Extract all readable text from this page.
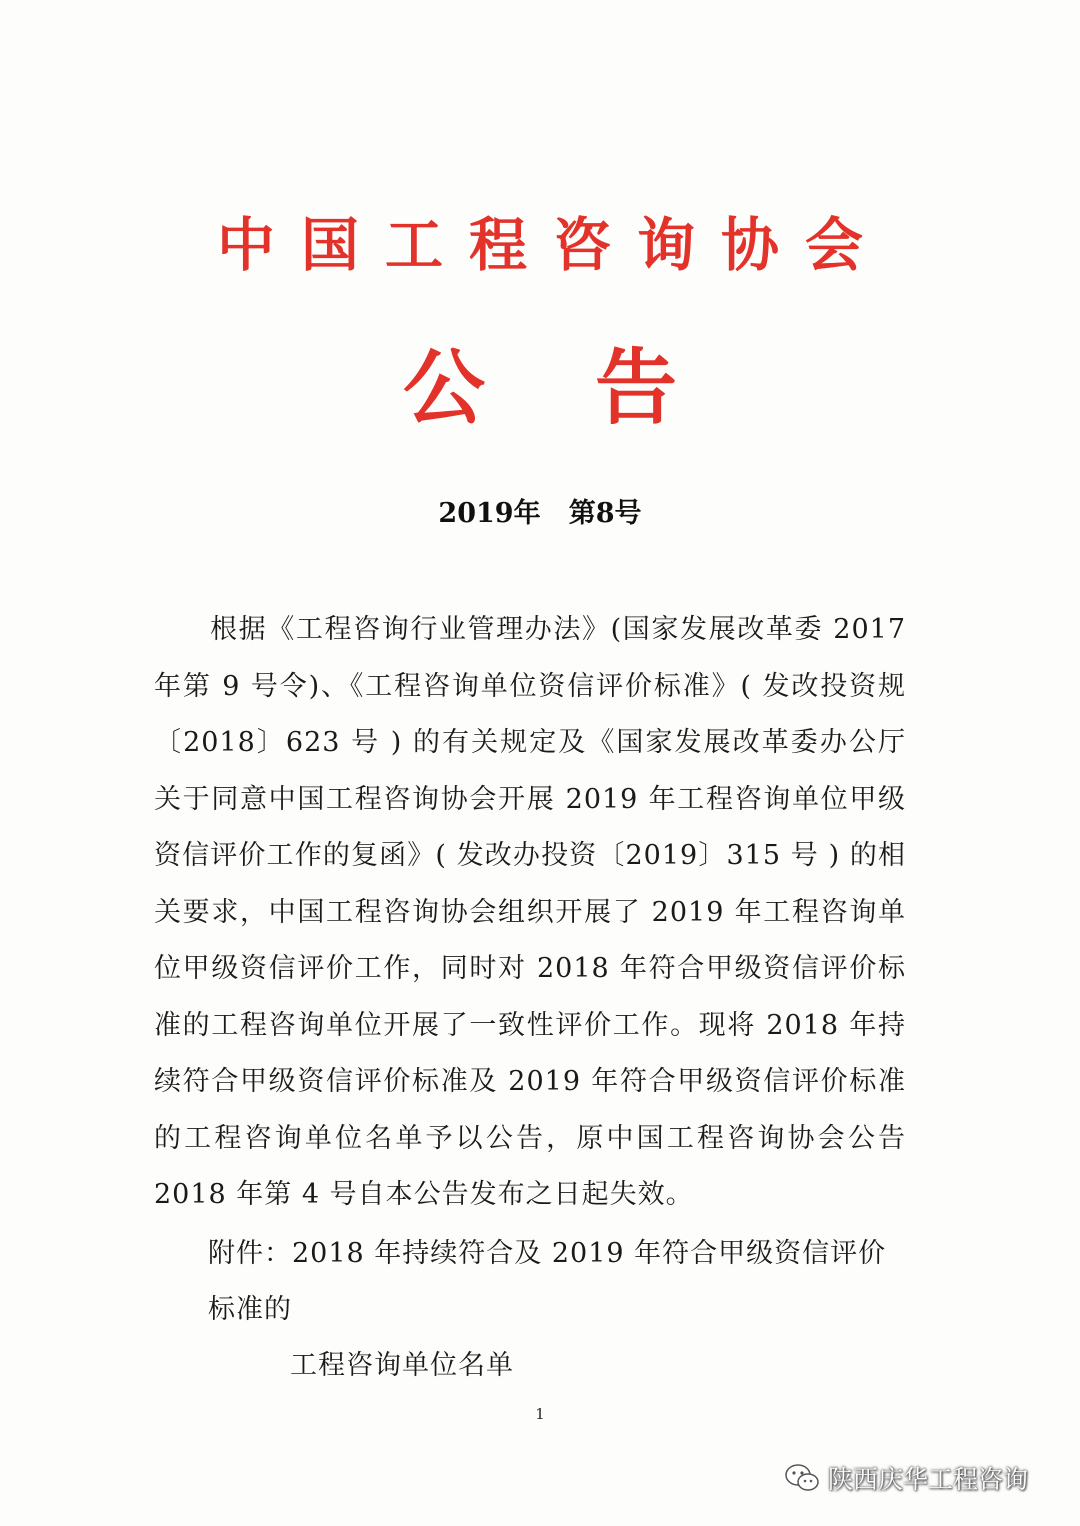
中国工程咨询协会
公告
2019年   第8号
根据《工程咨询行业管理办法》(国家发展改革委 2017 年第 9 号令)、《工程咨询单位资信评价标准》( 发改投资规〔2018〕623 号 ) 的有关规定及《国家发展改革委办公厅关于同意中国工程咨询协会开展 2019 年工程咨询单位甲级资信评价工作的复函》( 发改办投资〔2019〕315 号 ) 的相关要求，中国工程咨询协会组织开展了 2019 年工程咨询单位甲级资信评价工作，同时对 2018 年符合甲级资信评价标准的工程咨询单位开展了一致性评价工作。现将 2018 年持续符合甲级资信评价标准及 2019 年符合甲级资信评价标准的工程咨询单位名单予以公告，原中国工程咨询协会公告 2018 年第 4 号自本公告发布之日起失效。
附件：2018 年持续符合及 2019 年符合甲级资信评价标准的
工程咨询单位名单
1
陕西庆华工程咨询
